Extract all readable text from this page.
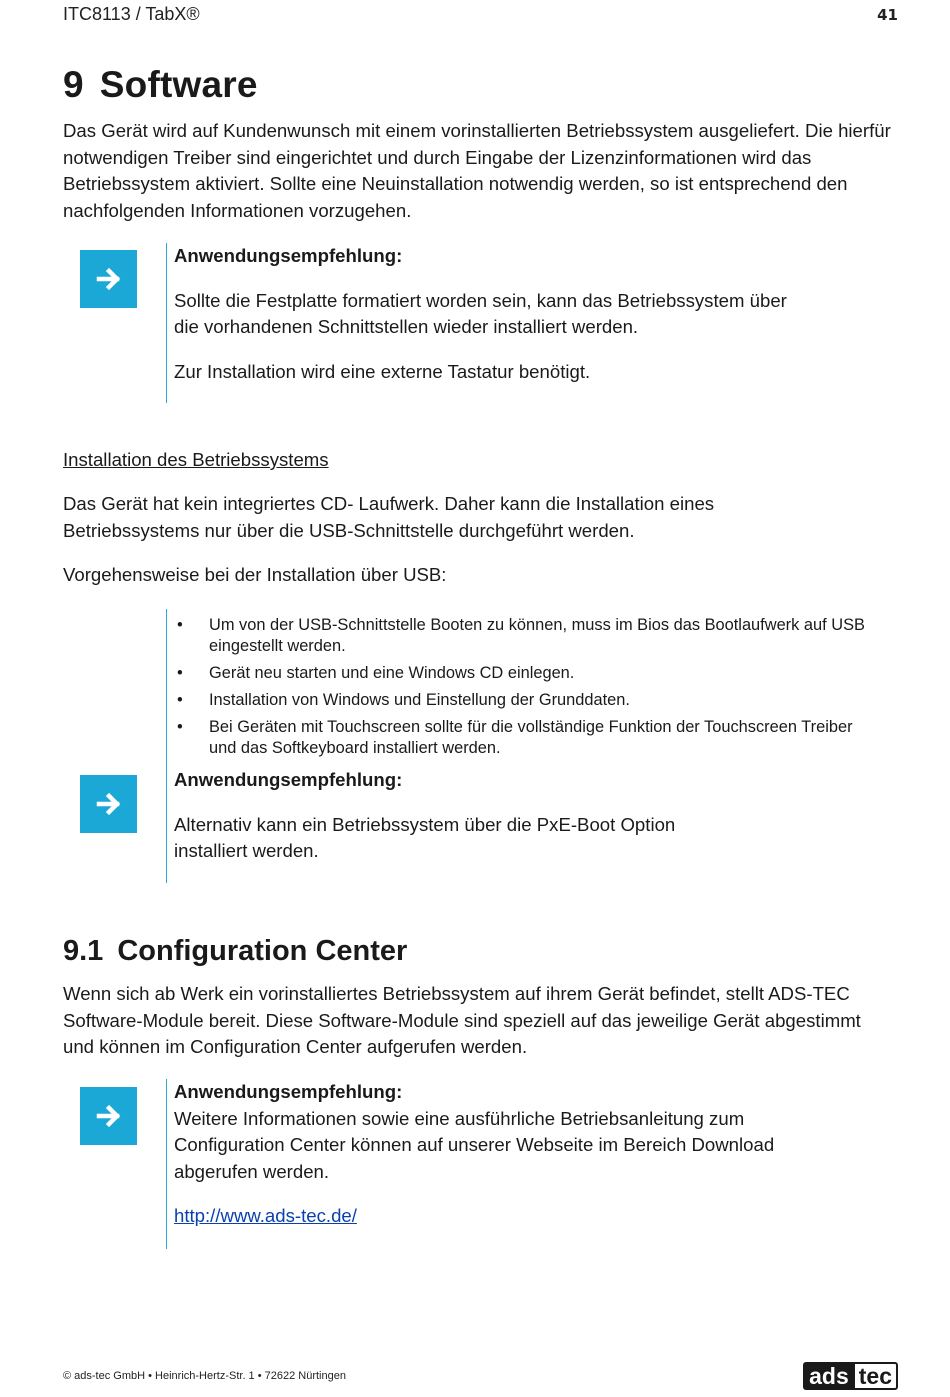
ITC8113 / TabX®	41
9 Software

Das Gerät wird auf Kundenwunsch mit einem vorinstallierten Betriebssystem ausgeliefert. Die hierfür notwendigen Treiber sind eingerichtet und durch Eingabe der Lizenzinformationen wird das Betriebssystem aktiviert. Sollte eine Neuinstallation notwendig werden, so ist entsprechend den nachfolgenden Informationen vorzugehen.

Anwendungsempfehlung:

Sollte die Festplatte formatiert worden sein, kann das Betriebssystem über die vorhandenen Schnittstellen wieder installiert werden.

Zur Installation wird eine externe Tastatur benötigt.

Installation des Betriebssystems

Das Gerät hat kein integriertes CD- Laufwerk. Daher kann die Installation eines Betriebssystems nur über die USB-Schnittstelle durchgeführt werden.

Vorgehensweise bei der Installation über USB:

• Um von der USB-Schnittstelle Booten zu können, muss im Bios das Bootlaufwerk auf USB eingestellt werden.
• Gerät neu starten und eine Windows CD einlegen.
• Installation von Windows und Einstellung der Grunddaten.
• Bei Geräten mit Touchscreen sollte für die vollständige Funktion der Touchscreen Treiber und das Softkeyboard installiert werden.
Anwendungsempfehlung:

Alternativ kann ein Betriebssystem über die PxE-Boot Option installiert werden.

9.1 Configuration Center

Wenn sich ab Werk ein vorinstalliertes Betriebssystem auf ihrem Gerät befindet, stellt ADS-TEC Software-Module bereit. Diese Software-Module sind speziell auf das jeweilige Gerät abgestimmt und können im Configuration Center aufgerufen werden.

Anwendungsempfehlung:

Weitere Informationen sowie eine ausführliche Betriebsanleitung zum Configuration Center können auf unserer Webseite im Bereich Download abgerufen werden.

http://www.ads-tec.de/

© ads-tec GmbH • Heinrich-Hertz-Str. 1 • 72622 Nürtingen	ads tec
